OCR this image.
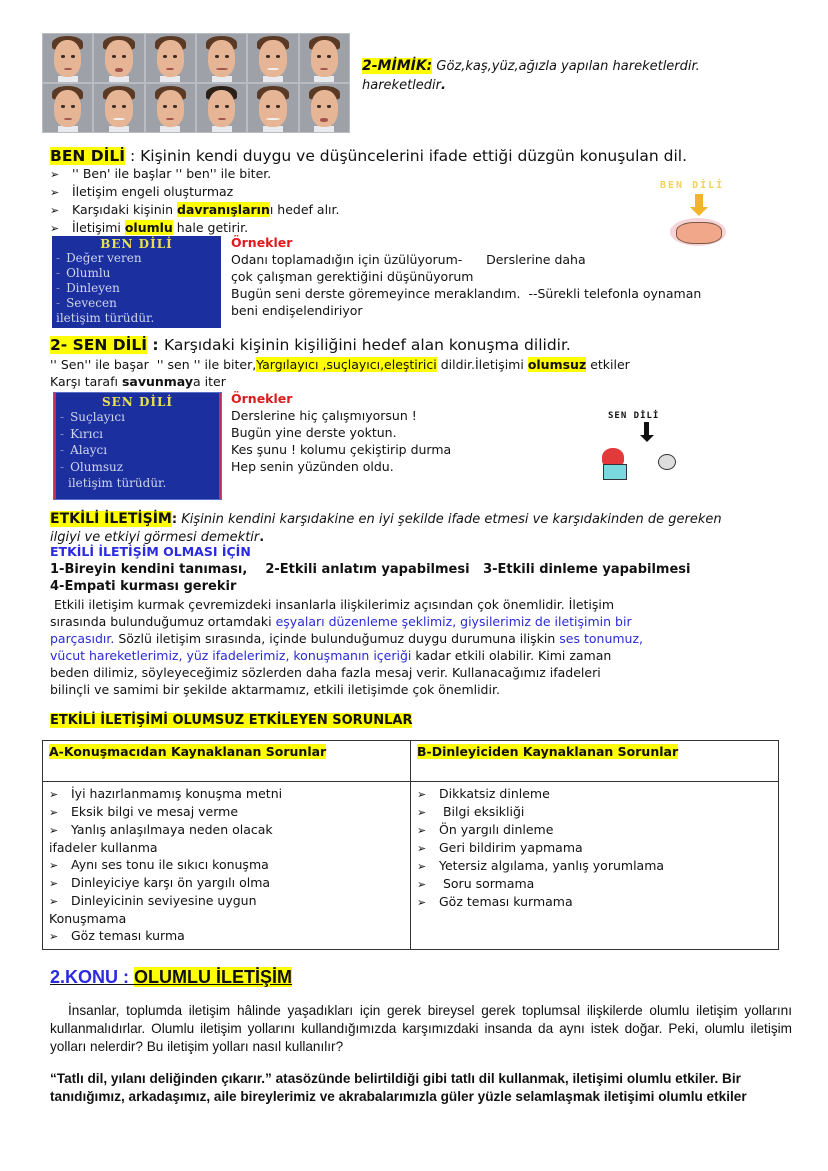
2-MİMİK: Göz,kaş,yüz,ağızla yapılan hareketlerdir.
hareketledir.
BEN DİLİ : Kişinin kendi duygu ve düşüncelerini ifade ettiği düzgün konuşulan dil.
➢ '' Ben' ile başlar '' ben'' ile biter.
➢ İletişim engeli oluşturmaz
➢ Karşıdaki kişinin davranışlarını hedef alır.
➢ İletişimi olumlu hale getirir.
BEN DİLİ
BEN DİLİ
- Değer veren
- Olumlu
- Dinleyen
- Sevecen
iletişim türüdür.
Örnekler
Odanı toplamadığın için üzülüyorum-      Derslerine daha
çok çalışman gerektiğini düşünüyorum
Bugün seni derste göremeyince meraklandım.  --Sürekli telefonla oynaman
beni endişelendiriyor
2- SEN DİLİ : Karşıdaki kişinin kişiliğini hedef alan konuşma dilidir.
'' Sen'' ile başar  '' sen '' ile biter,Yargılayıcı ,suçlayıcı,eleştirici dildir.İletişimi olumsuz etkiler
Karşı tarafı savunmaya iter
SEN DİLİ
- Suçlayıcı
- Kırıcı
- Alaycı
- Olumsuz
iletişim türüdür.
Örnekler
Derslerine hiç çalışmıyorsun !
Bugün yine derste yoktun.
Kes şunu ! kolumu çekiştirip durma
Hep senin yüzünden oldu.
SEN DİLİ
ETKİLİ İLETİŞİM: Kişinin kendini karşıdakine en iyi şekilde ifade etmesi ve karşıdakinden de gereken
ilgiyi ve etkiyi görmesi demektir.
ETKİLİ İLETİŞİM OLMASI İÇİN
1-Bireyin kendini tanıması,    2-Etkili anlatım yapabilmesi   3-Etkili dinleme yapabilmesi
4-Empati kurması gerekir
Etkili iletişim kurmak çevremizdeki insanlarla ilişkilerimiz açısından çok önemlidir. İletişim
sırasında bulunduğumuz ortamdaki eşyaları düzenleme şeklimiz, giysilerimiz de iletişimin bir
parçasıdır. Sözlü iletişim sırasında, içinde bulunduğumuz duygu durumuna ilişkin ses tonumuz,
vücut hareketlerimiz, yüz ifadelerimiz, konuşmanın içeriği kadar etkili olabilir. Kimi zaman
beden dilimiz, söyleyeceğimiz sözlerden daha fazla mesaj verir. Kullanacağımız ifadeleri
bilinçli ve samimi bir şekilde aktarmamız, etkili iletişimde çok önemlidir.
ETKİLİ İLETİŞİMİ OLUMSUZ ETKİLEYEN SORUNLAR
A-Konuşmacıdan Kaynaklanan Sorunlar	B-Dinleyiciden Kaynaklanan Sorunlar

➢ İyi hazırlanmamış konuşma metni
➢ Eksik bilgi ve mesaj verme
➢ Yanlış anlaşılmaya neden olacak
ifadeler kullanma
➢ Aynı ses tonu ile sıkıcı konuşma
➢ Dinleyiciye karşı ön yargılı olma
➢ Dinleyicinin seviyesine uygun
Konuşmama
➢ Göz teması kurma

➢ Dikkatsiz dinleme
➢ Bilgi eksikliği
➢ Ön yargılı dinleme
➢ Geri bildirim yapmama
➢ Yetersiz algılama, yanlış yorumlama
➢ Soru sormama
➢ Göz teması kurmama
2.KONU : OLUMLU İLETİŞİM
İnsanlar, toplumda iletişim hâlinde yaşadıkları için gerek bireysel gerek toplumsal ilişkilerde olumlu iletişim yollarını kullanmalıdırlar. Olumlu iletişim yollarını kullandığımızda karşımızdaki insanda da aynı istek doğar. Peki, olumlu iletişim yolları nelerdir? Bu iletişim yolları nasıl kullanılır?
“Tatlı dil, yılanı deliğinden çıkarır.” atasözünde belirtildiği gibi tatlı dil kullanmak, iletişimi olumlu etkiler. Bir tanıdığımız, arkadaşımız, aile bireylerimiz ve akrabalarımızla güler yüzle selamlaşmak iletişimi olumlu etkiler
